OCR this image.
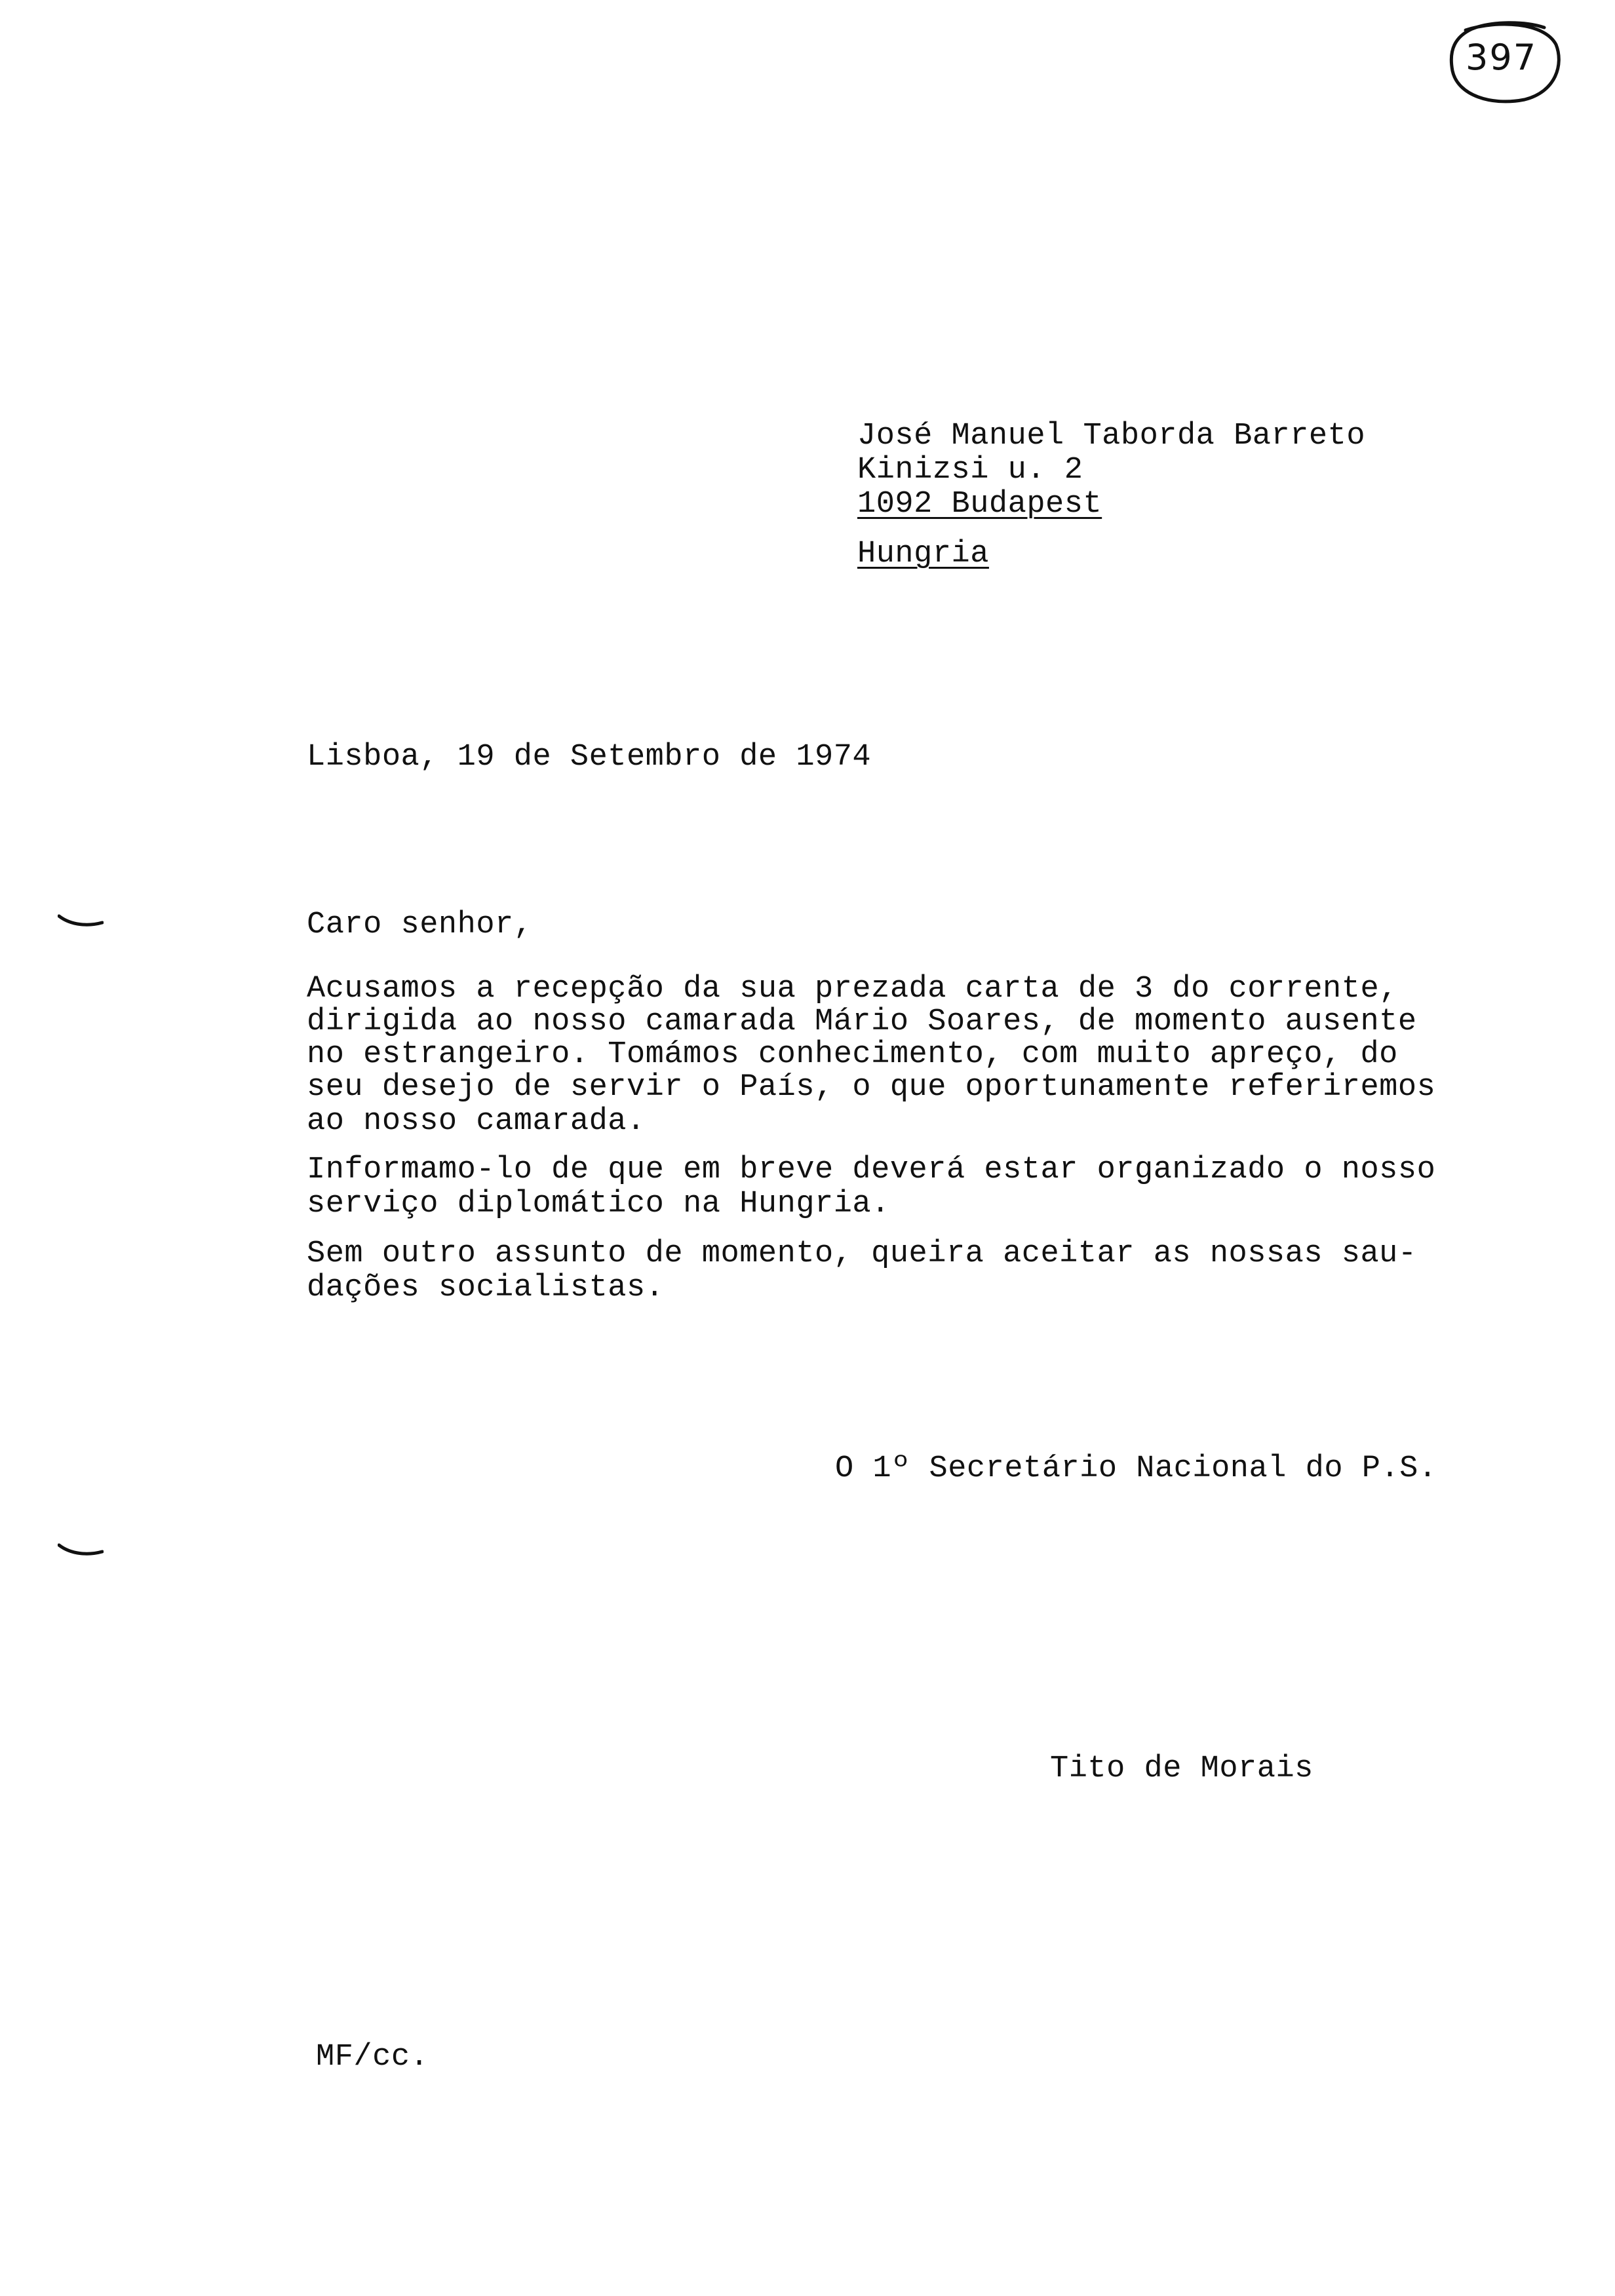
397
José Manuel Taborda Barreto
Kinizsi u. 2
1092 Budapest
Hungria
Lisboa, 19 de Setembro de 1974
Caro senhor,
Acusamos a recepção da sua prezada carta de 3 do corrente,
dirigida ao nosso camarada Mário Soares, de momento ausente
no estrangeiro. Tomámos conhecimento, com muito apreço, do
seu desejo de servir o País, o que oportunamente referiremos
ao nosso camarada.
Informamo-lo de que em breve deverá estar organizado o nosso
serviço diplomático na Hungria.
Sem outro assunto de momento, queira aceitar as nossas sau-
dações socialistas.
O 1º Secretário Nacional do P.S.
Tito de Morais
MF/cc.
